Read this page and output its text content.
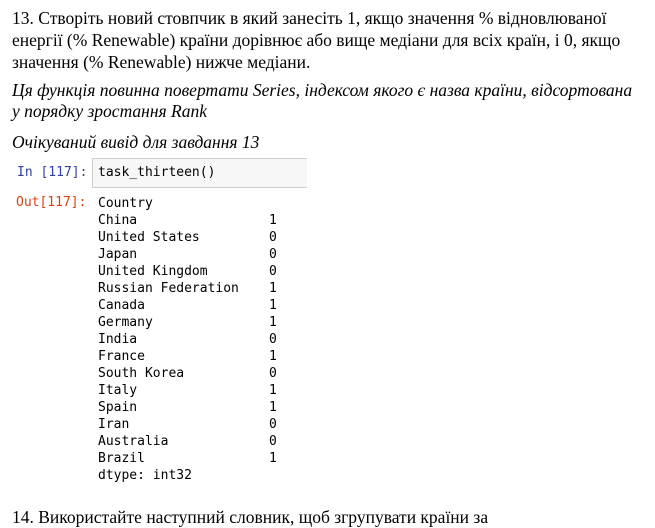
13. Створіть новий стовпчик в який занесіть 1, якщо значення % відновлюваної енергії (% Renewable) країни дорівнює або вище медіани для всіх країн, і 0, якщо значення (% Renewable) нижче медіани.
Ця функція повинна повертати Series, індексом якого є назва країни, відсортована у порядку зростання Rank
Очікуваний вивід для завдання 13
In [117]: task_thirteen()
Out[117]: Country
China	1
United States	0
Japan	0
United Kingdom	0
Russian Federation 1
Canada	1
Germany	1
India	0
France	1
South Korea	0
Italy	1
Spain	1
Iran	0
Australia	0
Brazil	1
dtype: int32
14. Використайте наступний словник, щоб згрупувати країни за
